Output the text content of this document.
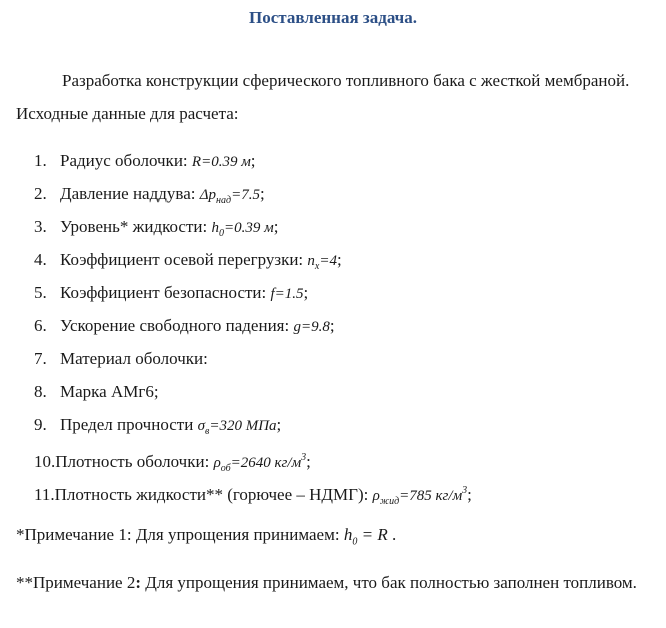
Поставленная задача.
Разработка конструкции сферического топливного бака с жесткой мембраной. Исходные данные для расчета:
1. Радиус оболочки: R=0.39 м;
2. Давление наддува: $\Delta p_{над}=7.5$;
3. Уровень* жидкости: $h_0=0.39$ м;
4. Коэффициент осевой перегрузки: $n_x=4$;
5. Коэффициент безопасности: f=1.5;
6. Ускорение свободного падения: g=9.8;
7. Материал оболочки:
8. Марка АМг6;
9. Предел прочности $\sigma_в=320$ МПа;
10.Плотность оболочки: $\rho_{об}=2640$ $кг/м^3$;
11.Плотность жидкости** (горючее – НДМГ): $\rho_{жид}=785$ $кг/м^3$;
*Примечание 1: Для упрощения принимаем: $h_0 = R$ .
**Примечание 2: Для упрощения принимаем, что бак полностью заполнен топливом.
